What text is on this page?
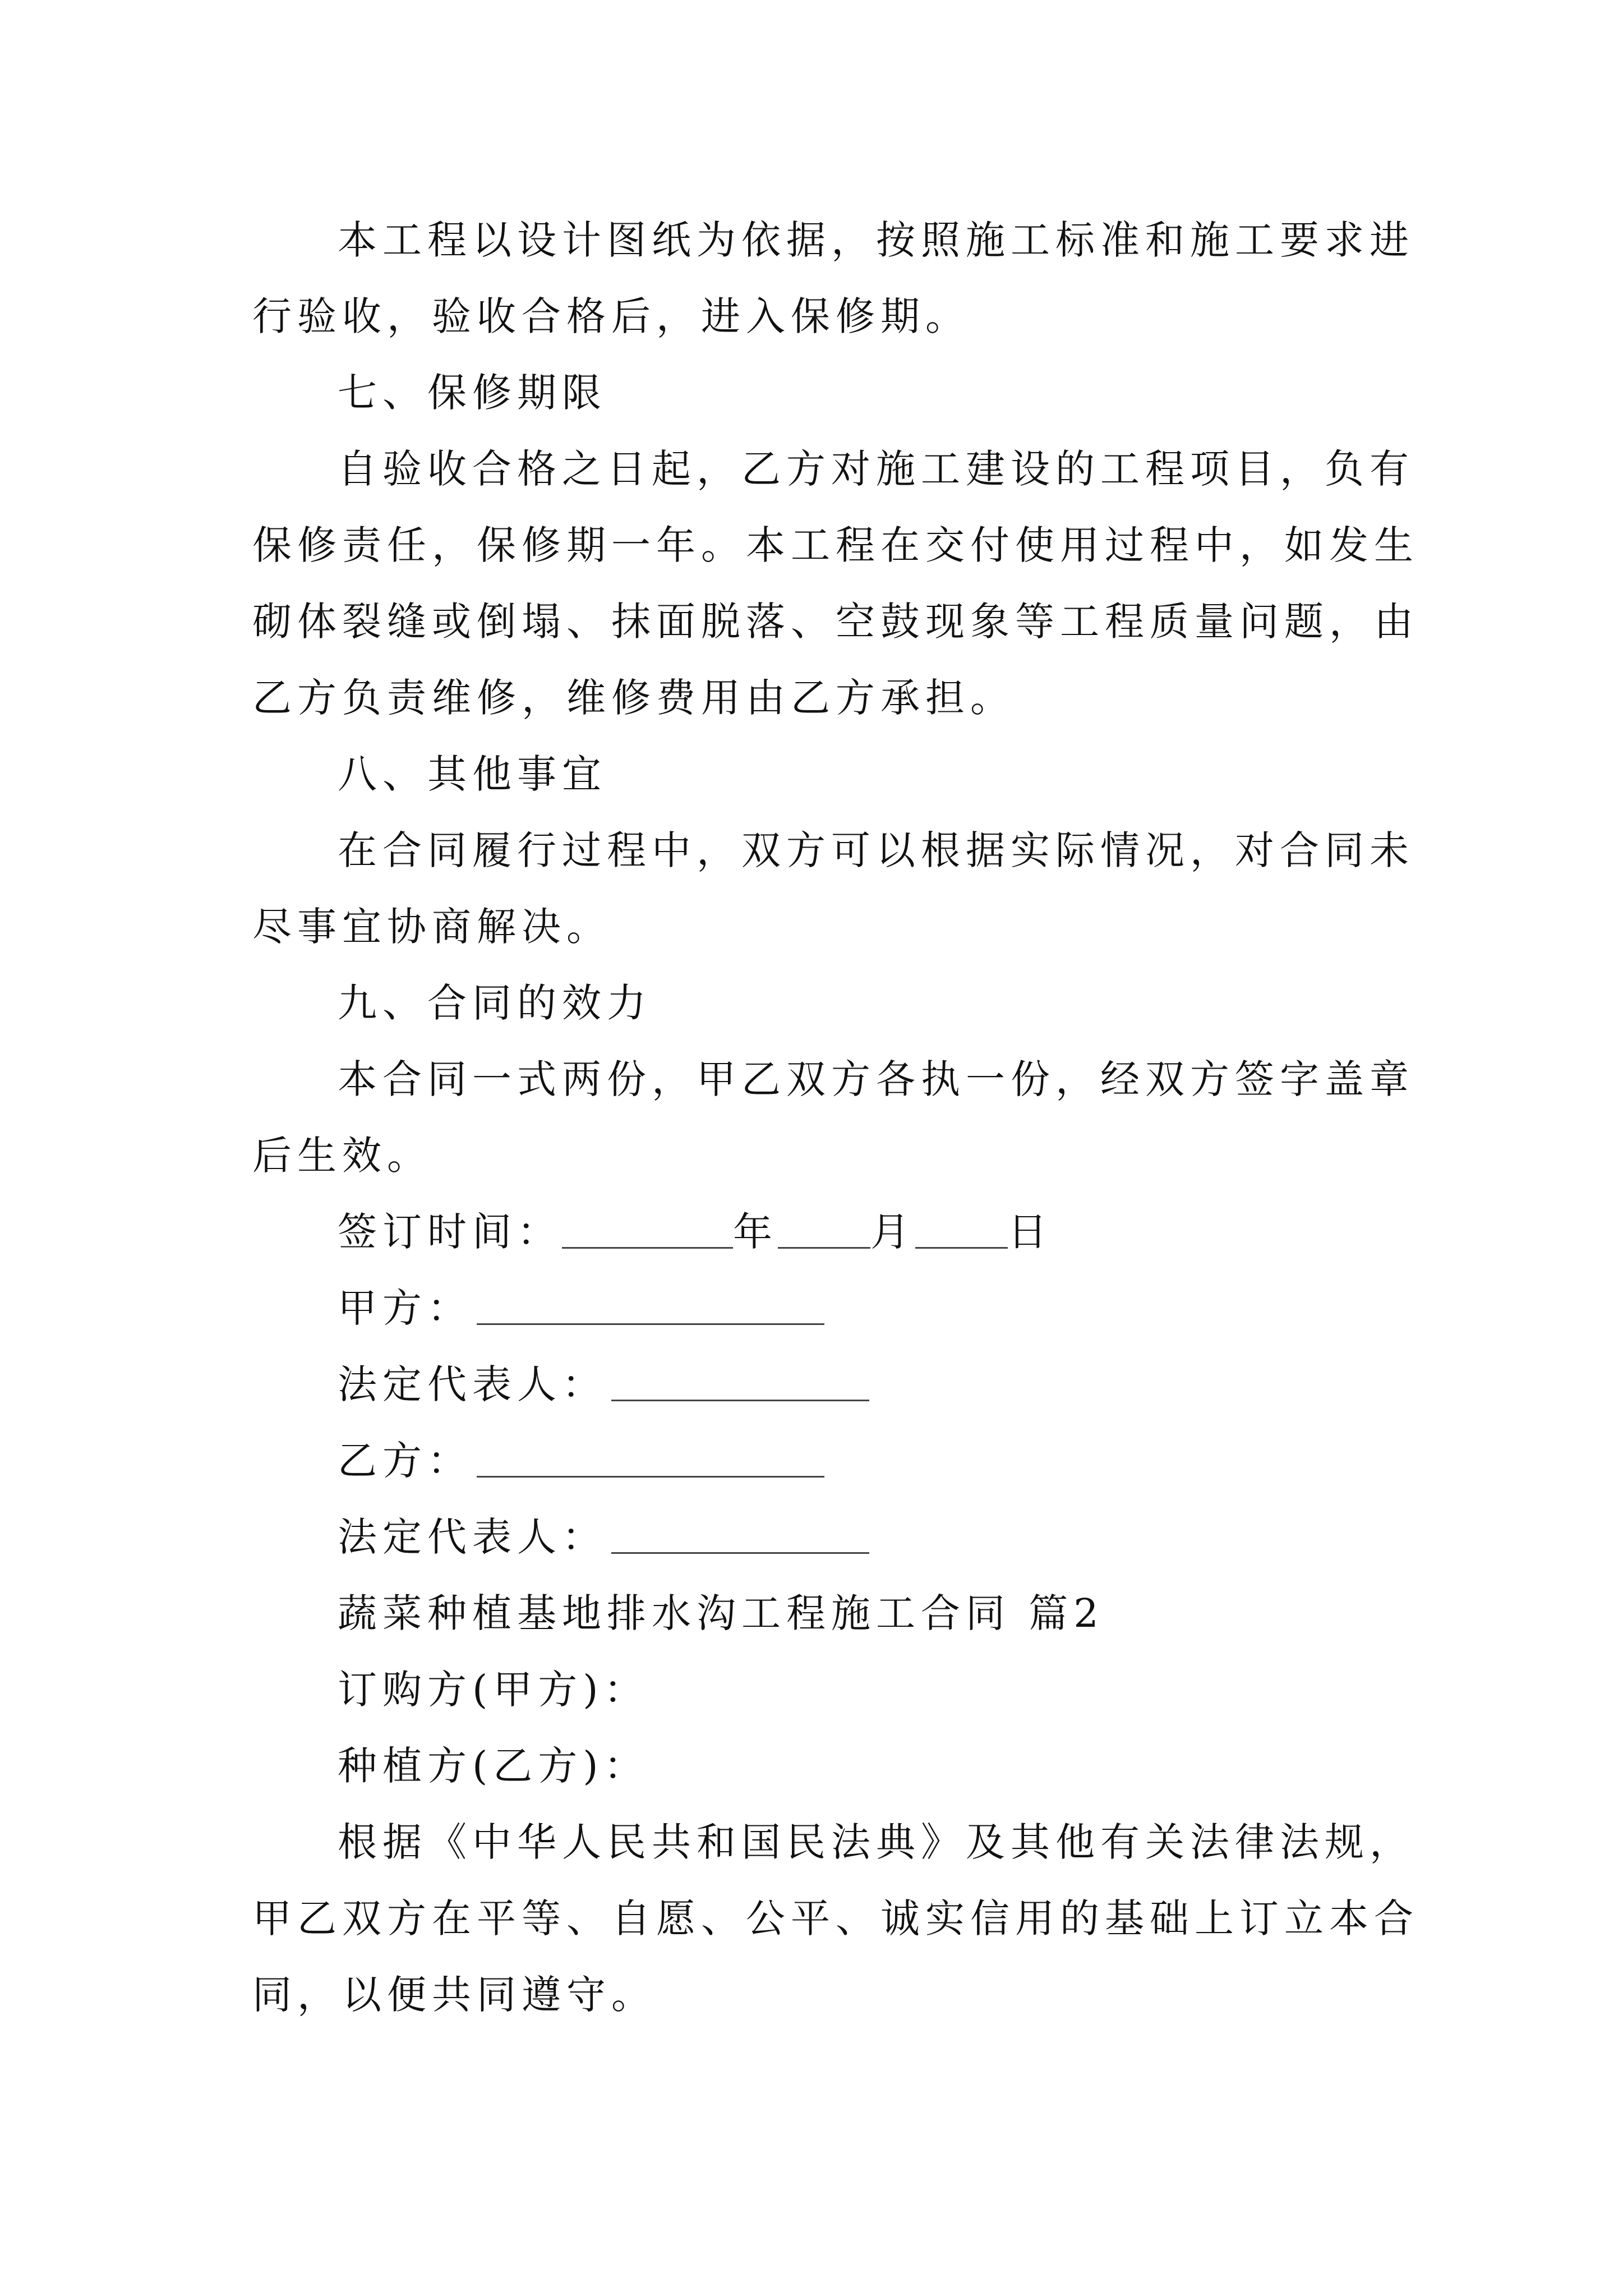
本工程以设计图纸为依据，按照施工标准和施工要求进
行验收，验收合格后，进入保修期。
七、保修期限
自验收合格之日起，乙方对施工建设的工程项目，负有
保修责任，保修期一年。本工程在交付使用过程中，如发生
砌体裂缝或倒塌、抹面脱落、空鼓现象等工程质量问题，由
乙方负责维修，维修费用由乙方承担。
八、其他事宜
在合同履行过程中，双方可以根据实际情况，对合同未
尽事宜协商解决。
九、合同的效力
本合同一式两份，甲乙双方各执一份，经双方签字盖章
后生效。
签订时间：	年 月 日
甲方：
法定代表人：
乙方：
法定代表人：
蔬菜种植基地排水沟工程施工合同 篇2
订购方(甲方)：
种植方(乙方)：
根据《中华人民共和国民法典》及其他有关法律法规，
甲乙双方在平等、自愿、公平、诚实信用的基础上订立本合
同，以便共同遵守。
